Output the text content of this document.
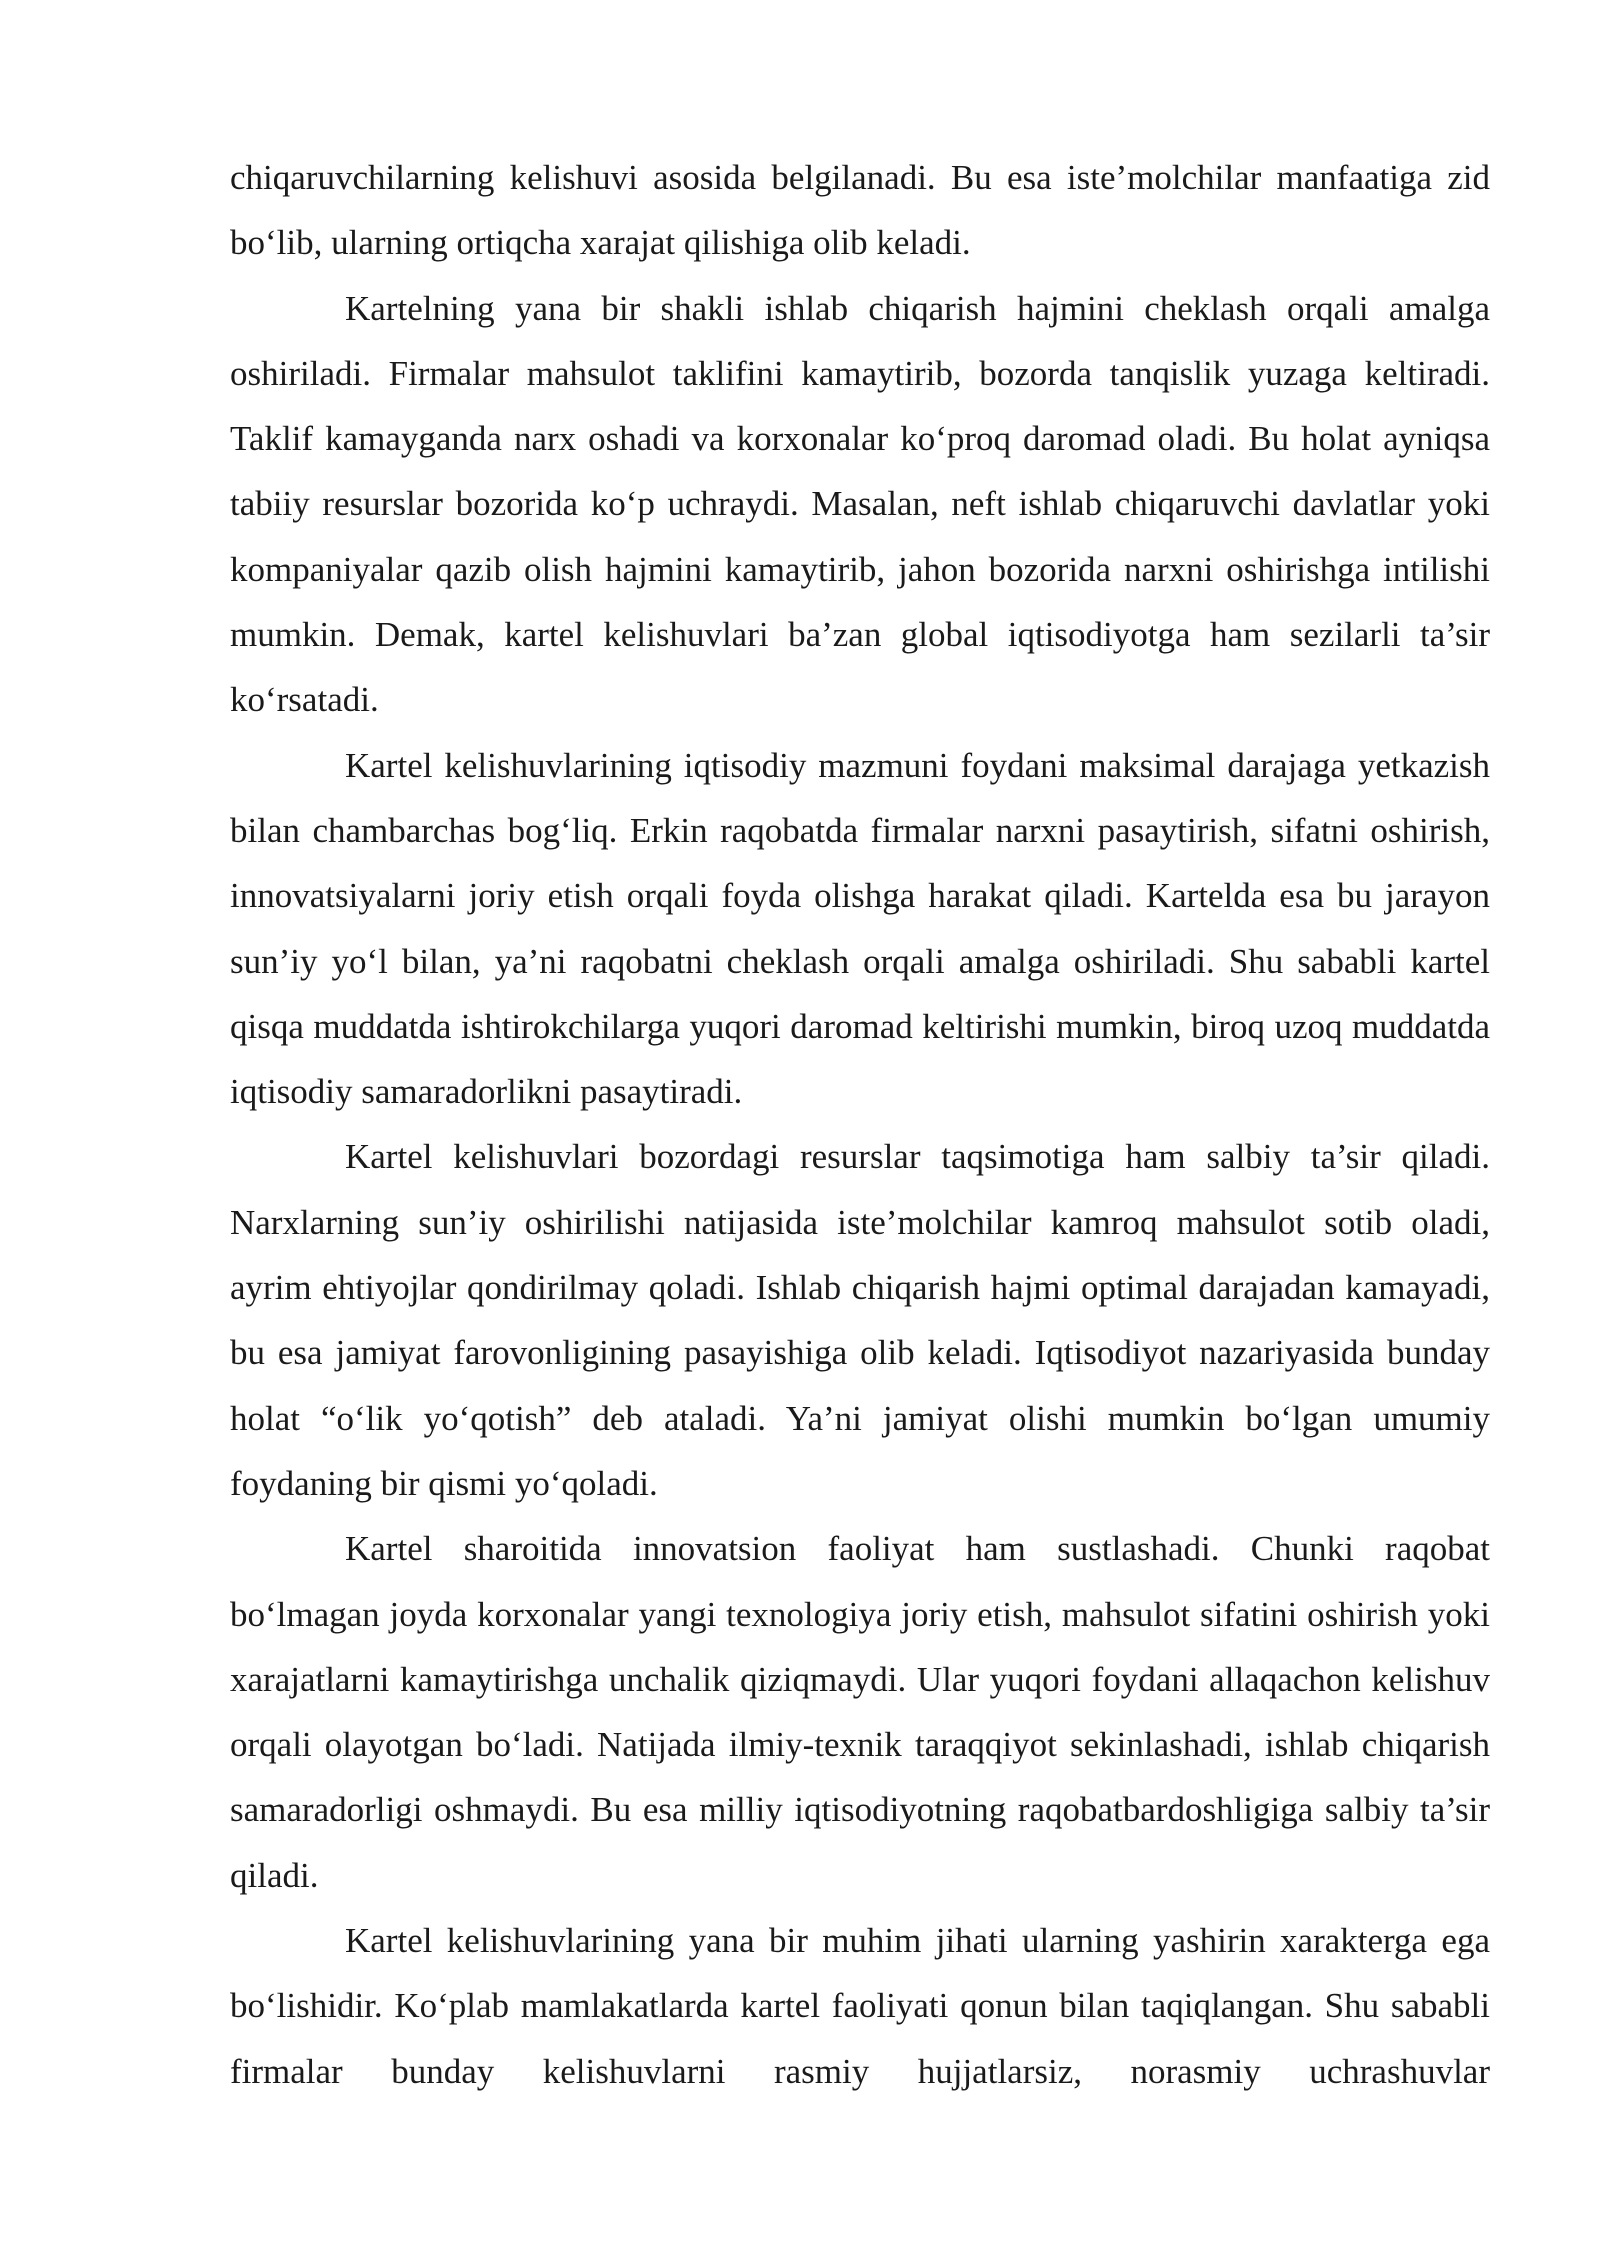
chiqaruvchilarning kelishuvi asosida belgilanadi. Bu esa iste’molchilar manfaatiga zid bo‘lib, ularning ortiqcha xarajat qilishiga olib keladi.

Kartelning yana bir shakli ishlab chiqarish hajmini cheklash orqali amalga oshiriladi. Firmalar mahsulot taklifini kamaytirib, bozorda tanqislik yuzaga keltiradi. Taklif kamayganda narx oshadi va korxonalar ko‘proq daromad oladi. Bu holat ayniqsa tabiiy resurslar bozorida ko‘p uchraydi. Masalan, neft ishlab chiqaruvchi davlatlar yoki kompaniyalar qazib olish hajmini kamaytirib, jahon bozorida narxni oshirishga intilishi mumkin. Demak, kartel kelishuvlari ba’zan global iqtisodiyotga ham sezilarli ta’sir ko‘rsatadi.

Kartel kelishuvlarining iqtisodiy mazmuni foydani maksimal darajaga yetkazish bilan chambarchas bog‘liq. Erkin raqobatda firmalar narxni pasaytirish, sifatni oshirish, innovatsiyalarni joriy etish orqali foyda olishga harakat qiladi. Kartelda esa bu jarayon sun’iy yo‘l bilan, ya’ni raqobatni cheklash orqali amalga oshiriladi. Shu sababli kartel qisqa muddatda ishtirokchilarga yuqori daromad keltirishi mumkin, biroq uzoq muddatda iqtisodiy samaradorlikni pasaytiradi.

Kartel kelishuvlari bozordagi resurslar taqsimotiga ham salbiy ta’sir qiladi. Narxlarning sun’iy oshirilishi natijasida iste’molchilar kamroq mahsulot sotib oladi, ayrim ehtiyojlar qondirilmay qoladi. Ishlab chiqarish hajmi optimal darajadan kamayadi, bu esa jamiyat farovonligining pasayishiga olib keladi. Iqtisodiyot nazariyasida bunday holat “o‘lik yo‘qotish” deb ataladi. Ya’ni jamiyat olishi mumkin bo‘lgan umumiy foydaning bir qismi yo‘qoladi.

Kartel sharoitida innovatsion faoliyat ham sustlashadi. Chunki raqobat bo‘lmagan joyda korxonalar yangi texnologiya joriy etish, mahsulot sifatini oshirish yoki xarajatlarni kamaytirishga unchalik qiziqmaydi. Ular yuqori foydani allaqachon kelishuv orqali olayotgan bo‘ladi. Natijada ilmiy-texnik taraqqiyot sekinlashadi, ishlab chiqarish samaradorligi oshmaydi. Bu esa milliy iqtisodiyotning raqobatbardoshligiga salbiy ta’sir qiladi.

Kartel kelishuvlarining yana bir muhim jihati ularning yashirin xarakterga ega bo‘lishidir. Ko‘plab mamlakatlarda kartel faoliyati qonun bilan taqiqlangan. Shu sababli firmalar bunday kelishuvlarni rasmiy hujjatlarsiz, norasmiy uchrashuvlar
